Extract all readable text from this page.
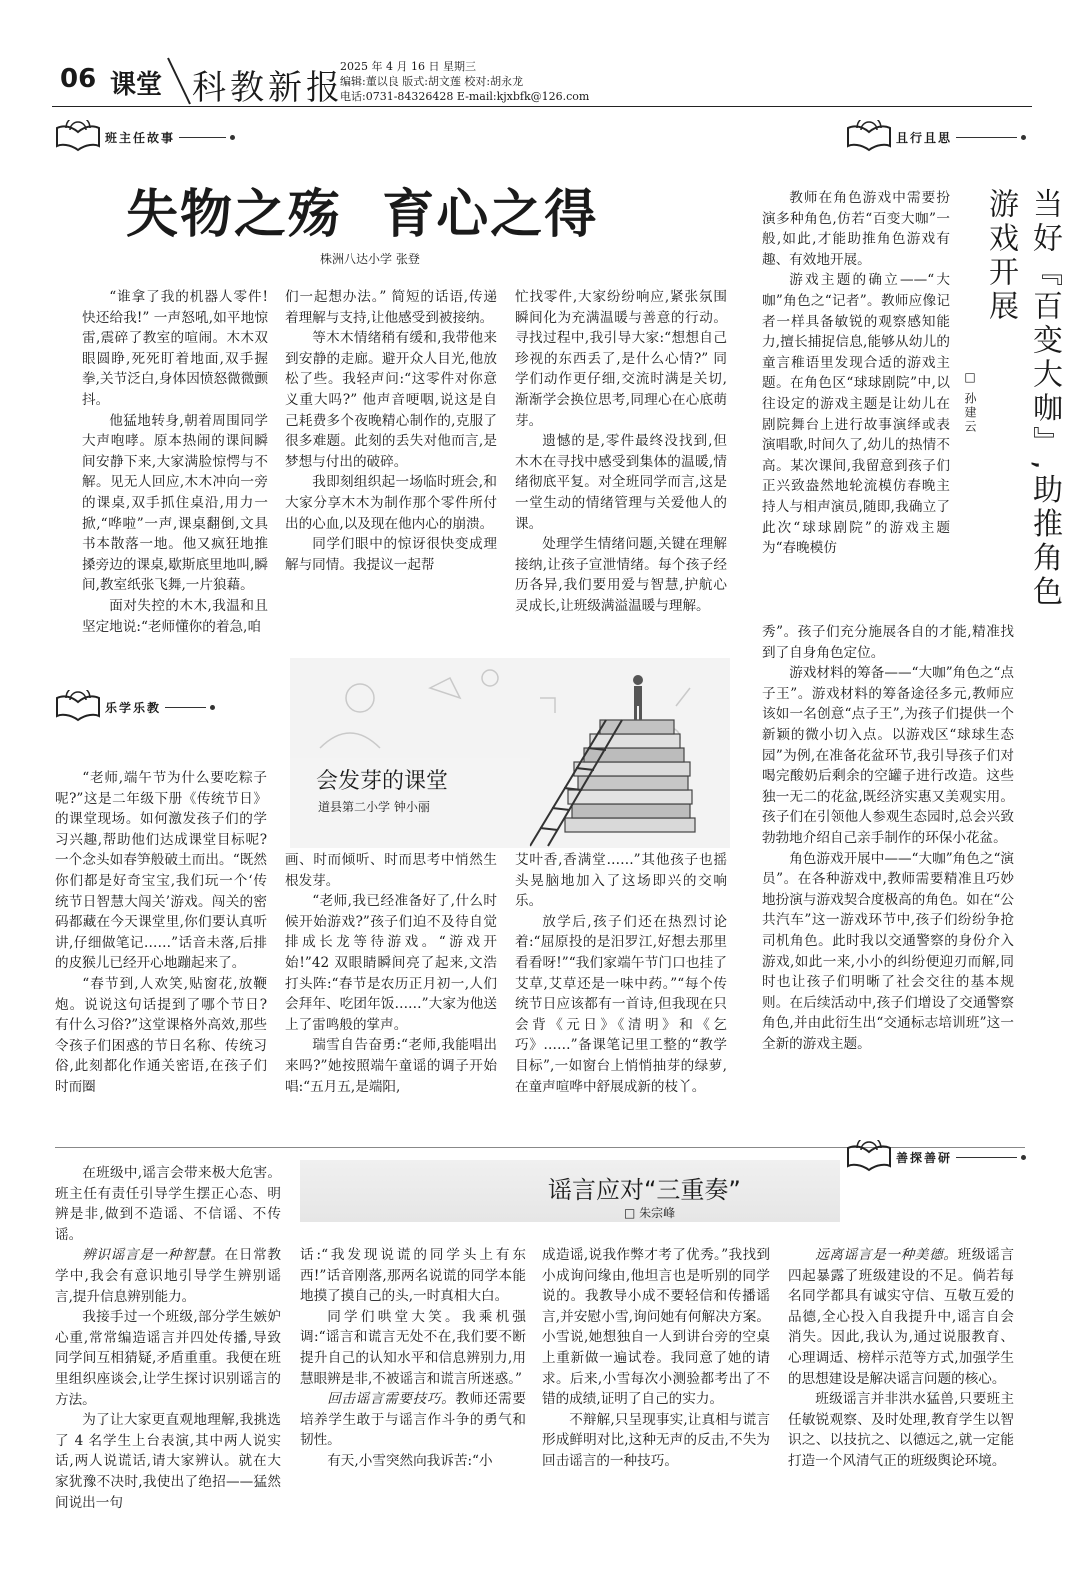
06 课堂 科教新报
2025 年 4 月 16 日 星期三
编辑:董以良 版式:胡文莲 校对:胡永龙
电话:0731-84326428 E-mail:kjxbfk@126.com
班主任故事
失物之殇  育心之得
株洲八达小学 张登

“谁拿了我的机器人零件!快还给我!” 一声怒吼,如平地惊雷,震碎了教室的喧闹。木木双眼圆睁,死死盯着地面,双手握拳,关节泛白,身体因愤怒微微颤抖。

他猛地转身,朝着周围同学大声咆哮。原本热闹的课间瞬间安静下来,大家满脸惊愕与不解。见无人回应,木木冲向一旁的课桌,双手抓住桌沿,用力一掀,“哗啦”一声,课桌翻倒,文具书本散落一地。他又疯狂地推搡旁边的课桌,歇斯底里地叫,瞬间,教室纸张飞舞,一片狼藉。

面对失控的木木,我温和且坚定地说:“老师懂你的着急,咱

们一起想办法。” 简短的话语,传递着理解与支持,让他感受到被接纳。

等木木情绪稍有缓和,我带他来到安静的走廊。避开众人目光,他放松了些。我轻声问:“这零件对你意义重大吗?” 他声音哽咽,说这是自己耗费多个夜晚精心制作的,克服了很多难题。此刻的丢失对他而言,是梦想与付出的破碎。

我即刻组织起一场临时班会,和大家分享木木为制作那个零件所付出的心血,以及现在他内心的崩溃。

同学们眼中的惊讶很快变成理解与同情。我提议一起帮

忙找零件,大家纷纷响应,紧张氛围瞬间化为充满温暖与善意的行动。寻找过程中,我引导大家:“想想自己珍视的东西丢了,是什么心情?” 同学们动作更仔细,交流时满是关切,渐渐学会换位思考,同理心在心底萌芽。

遗憾的是,零件最终没找到,但木木在寻找中感受到集体的温暖,情绪彻底平复。对全班同学而言,这是一堂生动的情绪管理与关爱他人的课。

处理学生情绪问题,关键在理解接纳,让孩子宣泄情绪。每个孩子经历各异,我们要用爱与智慧,护航心灵成长,让班级满溢温暖与理解。

且行且思

教师在角色游戏中需要扮演多种角色,仿若“百变大咖”一般,如此,才能助推角色游戏有趣、有效地开展。

游戏主题的确立——“大咖”角色之“记者”。教师应像记者一样具备敏锐的观察感知能力,擅长捕捉信息,能够从幼儿的童言稚语里发现合适的游戏主题。在角色区“球球剧院”中,以往设定的游戏主题是让幼儿在剧院舞台上进行故事演绎或表演唱歌,时间久了,幼儿的热情不高。某次课间,我留意到孩子们正兴致盎然地轮流模仿春晚主持人与相声演员,随即,我确立了此次“球球剧院”的游戏主题为“春晚模仿	当好『百变大咖』,助推角色游戏开展
□ 孙建云

秀”。孩子们充分施展各自的才能,精准找到了自身角色定位。

游戏材料的筹备——“大咖”角色之“点子王”。游戏材料的筹备途径多元,教师应该如一名创意“点子王”,为孩子们提供一个新颖的微小切入点。以游戏区“球球生态园”为例,在准备花盆环节,我引导孩子们对喝完酸奶后剩余的空罐子进行改造。这些独一无二的花盆,既经济实惠又美观实用。孩子们在引领他人参观生态园时,总会兴致勃勃地介绍自己亲手制作的环保小花盆。

角色游戏开展中——“大咖”角色之“演员”。在各种游戏中,教师需要精准且巧妙地扮演与游戏契合度极高的角色。如在“公共汽车”这一游戏环节中,孩子们纷纷争抢司机角色。此时我以交通警察的身份介入游戏,如此一来,小小的纠纷便迎刃而解,同时也让孩子们明晰了社会交往的基本规则。在后续活动中,孩子们增设了交通警察角色,并由此衍生出“交通标志培训班”这一全新的游戏主题。

乐学乐教
会发芽的课堂
道县第二小学 钟小丽

“老师,端午节为什么要吃粽子呢?”这是二年级下册《传统节日》的课堂现场。如何激发孩子们的学习兴趣,帮助他们达成课堂目标呢? 一个念头如春笋般破土而出。“既然你们都是好奇宝宝,我们玩一个‘传统节日智慧大闯关’游戏。闯关的密码都藏在今天课堂里,你们要认真听讲,仔细做笔记……”话音未落,后排的皮猴儿已经开心地蹦起来了。

“春节到,人欢笑,贴窗花,放鞭炮。说说这句话提到了哪个节日? 有什么习俗?”这堂课格外高效,那些令孩子们困惑的节日名称、传统习俗,此刻都化作通关密语,在孩子们时而圈

画、时而倾听、时而思考中悄然生根发芽。

“老师,我已经准备好了,什么时候开始游戏?”孩子们迫不及待自觉排成长龙等待游戏。“游戏开始!”42 双眼睛瞬间亮了起来,文浩打头阵:“春节是农历正月初一,人们会拜年、吃团年饭……”大家为他送上了雷鸣般的掌声。

瑞雪自告奋勇:“老师,我能唱出来吗?”她按照端午童谣的调子开始唱:“五月五,是端阳,

艾叶香,香满堂……”其他孩子也摇头晃脑地加入了这场即兴的交响乐。

放学后,孩子们还在热烈讨论着:“屈原投的是汨罗江,好想去那里看看呀!”“我们家端午节门口也挂了艾草,艾草还是一味中药。”“每个传统节日应该都有一首诗,但我现在只会背《元日》《清明》和《乞巧》……”备课笔记里工整的“教学目标”,一如窗台上悄悄抽芽的绿萝,在童声喧哗中舒展成新的枝丫。

善探善研
谣言应对“三重奏”
□ 朱宗峰

在班级中,谣言会带来极大危害。班主任有责任引导学生摆正心态、明辨是非,做到不造谣、不信谣、不传谣。

辨识谣言是一种智慧。在日常教学中,我会有意识地引导学生辨别谣言,提升信息辨别能力。

我接手过一个班级,部分学生嫉妒心重,常常编造谣言并四处传播,导致同学间互相猜疑,矛盾重重。我便在班里组织座谈会,让学生探讨识别谣言的方法。

为了让大家更直观地理解,我挑选了 4 名学生上台表演,其中两人说实话,两人说谎话,请大家辨认。就在大家犹豫不决时,我使出了绝招——猛然间说出一句

话:“我发现说谎的同学头上有东西!”话音刚落,那两名说谎的同学本能地摸了摸自己的头,一时真相大白。

同学们哄堂大笑。我乘机强调:“谣言和谎言无处不在,我们要不断提升自己的认知水平和信息辨别力,用慧眼辨是非,不被谣言和谎言所迷惑。”

回击谣言需要技巧。教师还需要培养学生敢于与谣言作斗争的勇气和韧性。

有天,小雪突然向我诉苦:“小

成造谣,说我作弊才考了优秀。”我找到小成询问缘由,他坦言也是听别的同学说的。我教导小成不要轻信和传播谣言,并安慰小雪,询问她有何解决方案。小雪说,她想独自一人到讲台旁的空桌上重新做一遍试卷。我同意了她的请求。后来,小雪每次小测验都考出了不错的成绩,证明了自己的实力。

不辩解,只呈现事实,让真相与谎言形成鲜明对比,这种无声的反击,不失为回击谣言的一种技巧。

远离谣言是一种美德。班级谣言四起暴露了班级建设的不足。倘若每名同学都具有诚实守信、互敬互爱的品德,全心投入自我提升中,谣言自会消失。因此,我认为,通过说服教育、心理调适、榜样示范等方式,加强学生的思想建设是解决谣言问题的核心。

班级谣言并非洪水猛兽,只要班主任敏锐观察、及时处理,教育学生以智识之、以技抗之、以德远之,就一定能打造一个风清气正的班级舆论环境。
